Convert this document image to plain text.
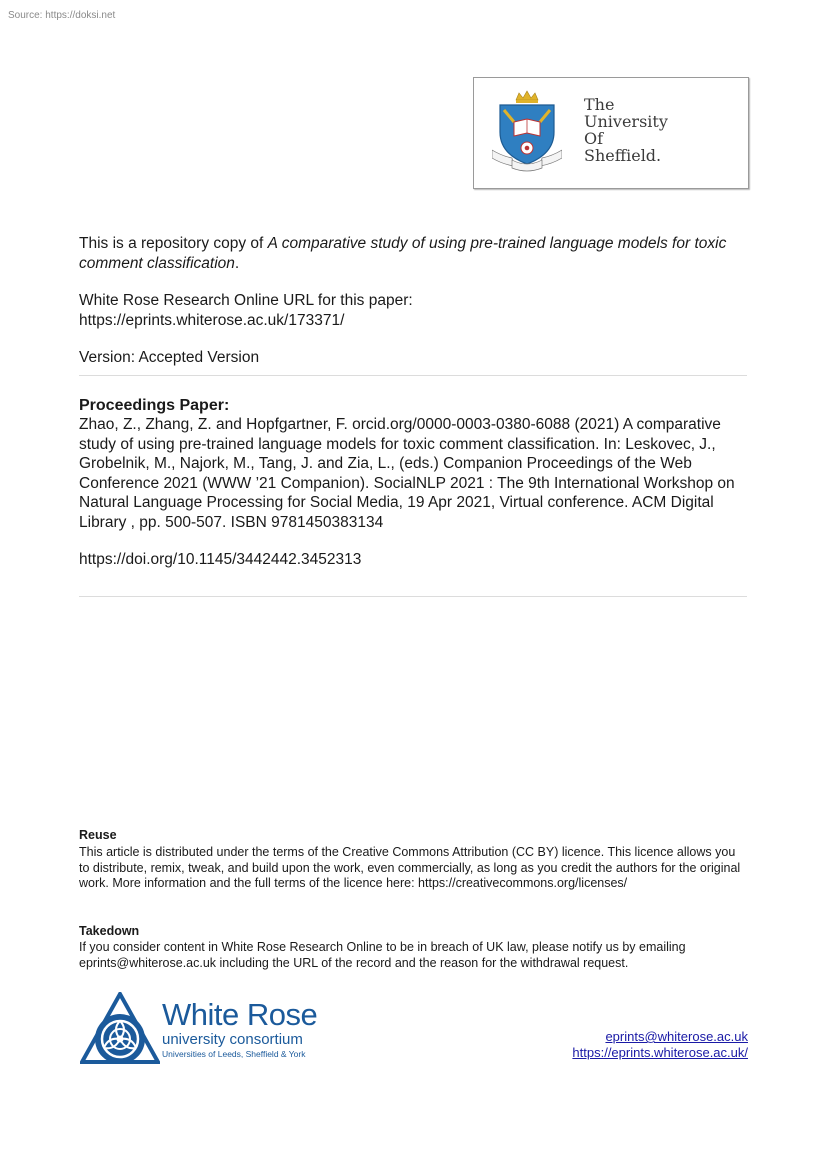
Source: https://doksi.net
The
University
Of
Sheffield.
This is a repository copy of A comparative study of using pre-trained language models for toxic comment classification.
White Rose Research Online URL for this paper:
https://eprints.whiterose.ac.uk/173371/
Version: Accepted Version
Proceedings Paper:
Zhao, Z., Zhang, Z. and Hopfgartner, F. orcid.org/0000-0003-0380-6088 (2021) A comparative study of using pre-trained language models for toxic comment classification. In: Leskovec, J., Grobelnik, M., Najork, M., Tang, J. and Zia, L., (eds.) Companion Proceedings of the Web Conference 2021 (WWW ’21 Companion). SocialNLP 2021 : The 9th International Workshop on Natural Language Processing for Social Media, 19 Apr 2021, Virtual conference. ACM Digital Library , pp. 500-507. ISBN 9781450383134
https://doi.org/10.1145/3442442.3452313
Reuse
This article is distributed under the terms of the Creative Commons Attribution (CC BY) licence. This licence allows you to distribute, remix, tweak, and build upon the work, even commercially, as long as you credit the authors for the original work. More information and the full terms of the licence here: https://creativecommons.org/licenses/
Takedown
If you consider content in White Rose Research Online to be in breach of UK law, please notify us by emailing eprints@whiterose.ac.uk including the URL of the record and the reason for the withdrawal request.
White Rose
university consortium
Universities of Leeds, Sheffield & York
eprints@whiterose.ac.uk
https://eprints.whiterose.ac.uk/
